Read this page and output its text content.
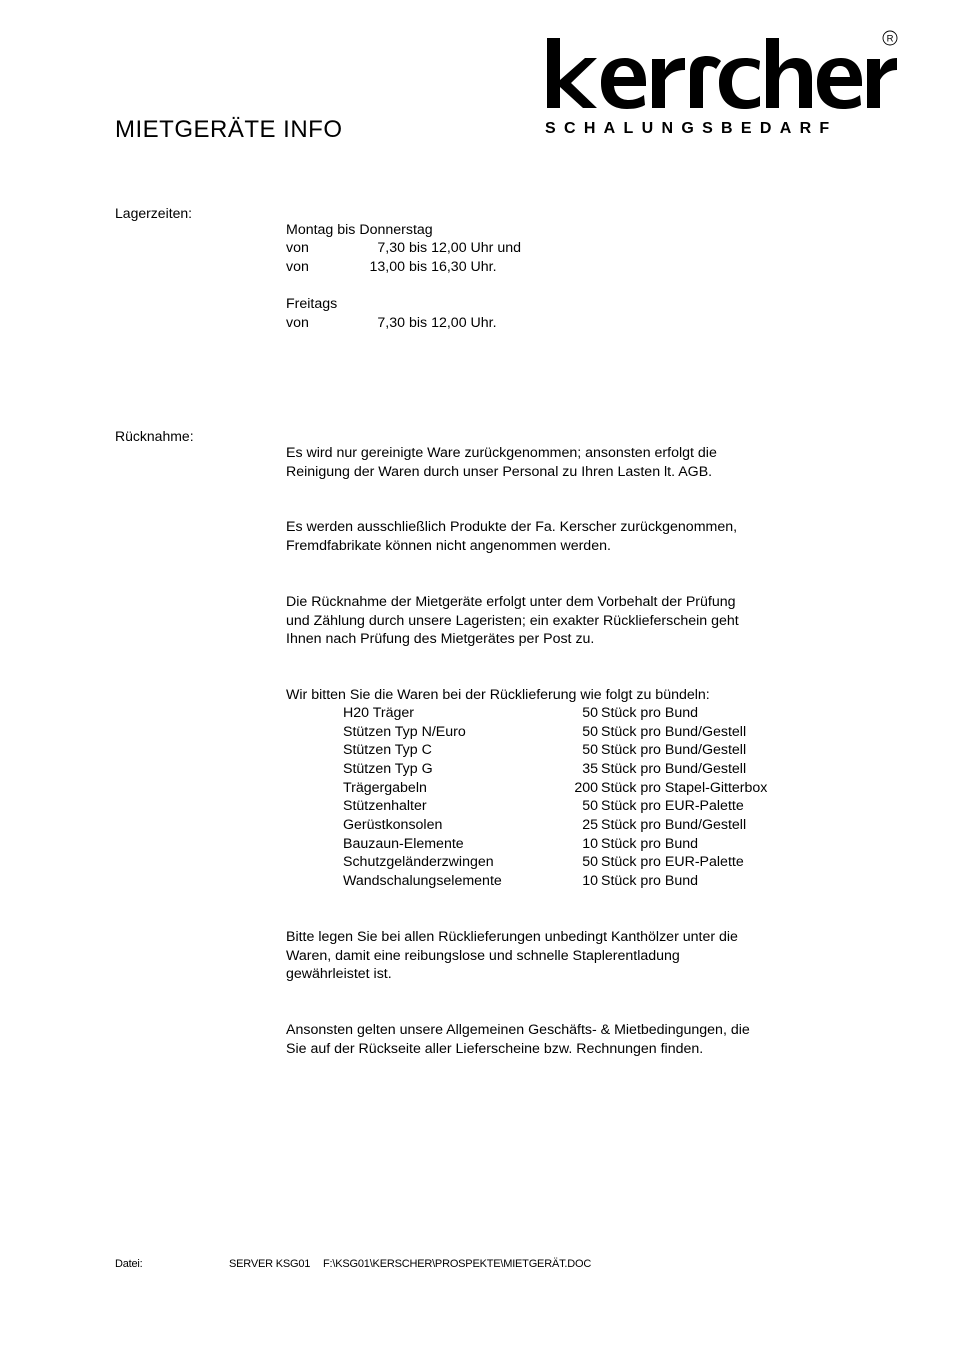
MIETGERÄTE INFO
R
SCHALUNGSBEDARF
Lagerzeiten:
Montag bis Donnerstag
von	7,30 bis 12,00 Uhr und
von	13,00 bis 16,30 Uhr.
Freitags
von	7,30 bis 12,00 Uhr.
Rücknahme:
Es wird nur gereinigte Ware zurückgenommen; ansonsten erfolgt die
Reinigung der Waren durch unser Personal zu Ihren Lasten lt. AGB.
Es werden ausschließlich Produkte der Fa. Kerscher zurückgenommen,
Fremdfabrikate können nicht angenommen werden.
Die Rücknahme der Mietgeräte erfolgt unter dem Vorbehalt der Prüfung
und Zählung durch unsere Lageristen; ein exakter Rücklieferschein geht
Ihnen nach Prüfung des Mietgerätes per Post zu.
Wir bitten Sie die Waren bei der Rücklieferung wie folgt zu bündeln:
H20 Träger	50 Stück pro Bund
Stützen Typ N/Euro	50 Stück pro Bund/Gestell
Stützen Typ C	50 Stück pro Bund/Gestell
Stützen Typ G	35 Stück pro Bund/Gestell
Trägergabeln	200 Stück pro Stapel-Gitterbox
Stützenhalter	50 Stück pro EUR-Palette
Gerüstkonsolen	25 Stück pro Bund/Gestell
Bauzaun-Elemente	10 Stück pro Bund
Schutzgeländerzwingen	50 Stück pro EUR-Palette
Wandschalungselemente	10 Stück pro Bund
Bitte legen Sie bei allen Rücklieferungen unbedingt Kanthölzer unter die
Waren, damit eine reibungslose und schnelle Staplerentladung
gewährleistet ist.
Ansonsten gelten unsere Allgemeinen Geschäfts- & Mietbedingungen, die
Sie auf der Rückseite aller Lieferscheine bzw. Rechnungen finden.
Datei:	SERVER KSG01 F:\KSG01\KERSCHER\PROSPEKTE\MIETGERÄT.DOC
